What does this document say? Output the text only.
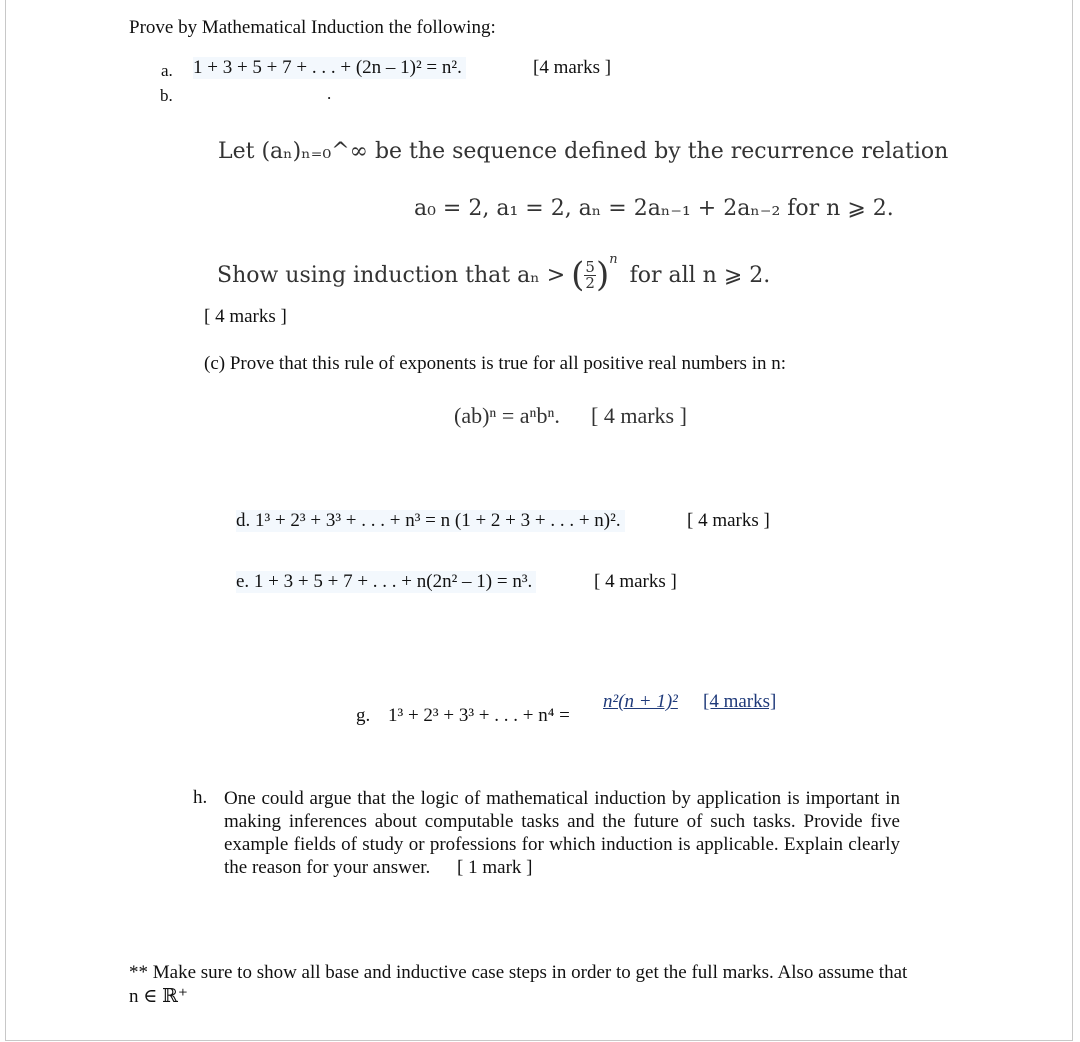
Prove by Mathematical Induction the following:
a. 1 + 3 + 5 + 7 + . . . + (2n – 1)² = n².	[4 marks ]
b.	.
Let (aₙ)ₙ₌₀^∞ be the sequence defined by the recurrence relation
a₀ = 2, a₁ = 2, aₙ = 2aₙ₋₁ + 2aₙ₋₂ for n ⩾ 2.
Show using induction that aₙ > ( $\frac{5}{2}$ ) n
for all n ⩾ 2.
[ 4 marks ]
(c) Prove that this rule of exponents is true for all positive real numbers in n:
(ab)ⁿ = aⁿbⁿ. [ 4 marks ]
d. 1³ + 2³ + 3³ + . . . + n³ = n (1 + 2 + 3 + . . . + n)².	[ 4 marks ]
e. 1 + 3 + 5 + 7 + . . . + n(2n² – 1) = n³.	[ 4 marks ]
g. 1³ + 2³ + 3³ + . . . + n⁴ =
n²(n + 1)² [4 marks]
h. One could argue that the logic of mathematical induction by application is important in making inferences about computable tasks and the future of such tasks. Provide five example fields of study or professions for which induction is applicable. Explain clearly the reason for your answer. [ 1 mark ]
** Make sure to show all base and inductive case steps in order to get the full marks. Also assume that n ∈ ℝ⁺
